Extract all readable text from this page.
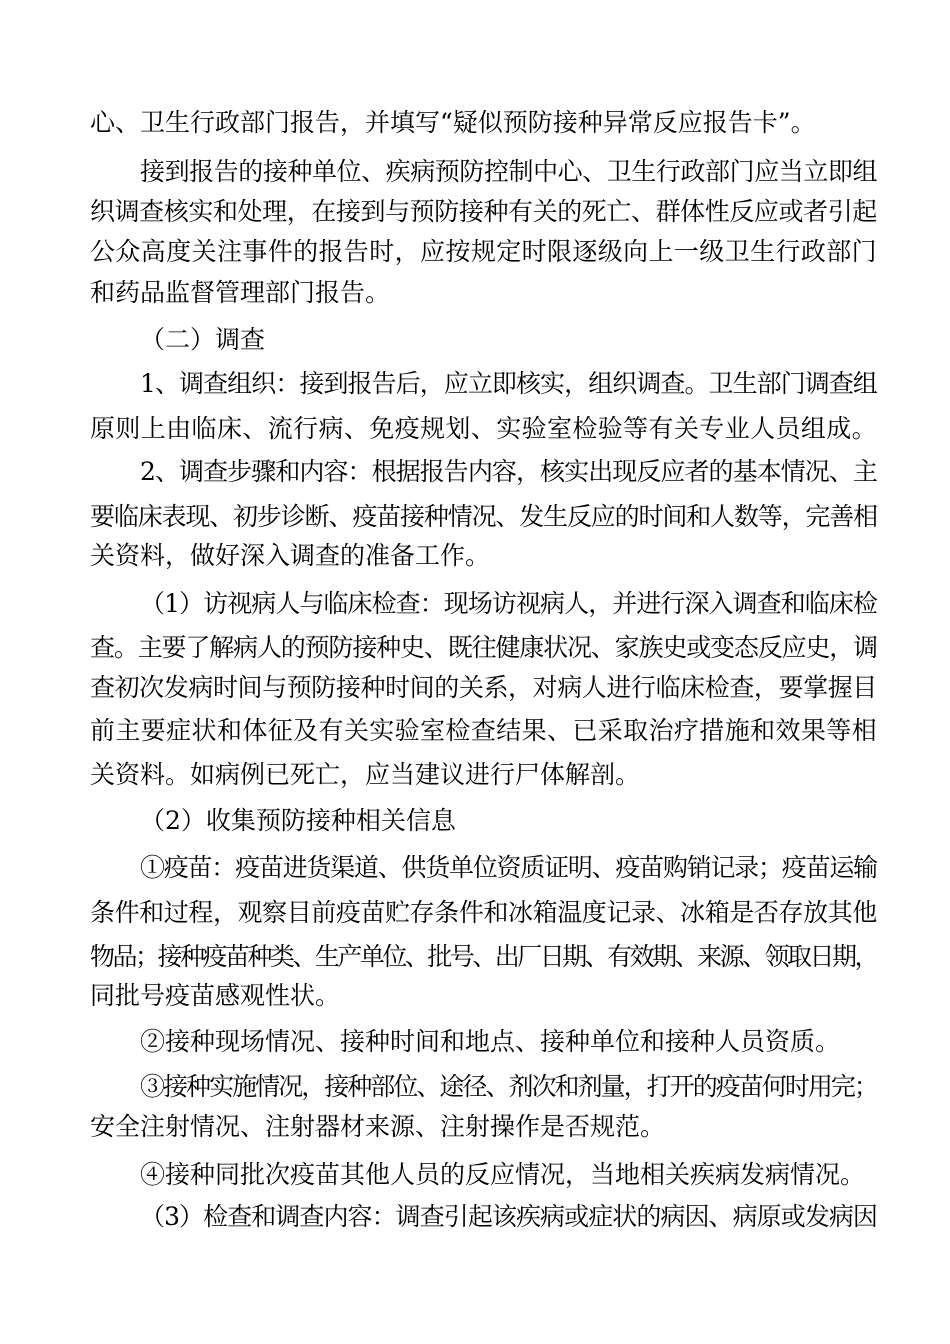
心、卫生行政部门报告，并填写“疑似预防接种异常反应报告卡”。
接到报告的接种单位、疾病预防控制中心、卫生行政部门应当立即组
织调查核实和处理，在接到与预防接种有关的死亡、群体性反应或者引起
公众高度关注事件的报告时，应按规定时限逐级向上一级卫生行政部门
和药品监督管理部门报告。
（二）调查
1、调查组织：接到报告后，应立即核实，组织调查。卫生部门调查组
原则上由临床、流行病、免疫规划、实验室检验等有关专业人员组成。
2、调查步骤和内容：根据报告内容，核实出现反应者的基本情况、主
要临床表现、初步诊断、疫苗接种情况、发生反应的时间和人数等，完善相
关资料，做好深入调查的准备工作。
（1）访视病人与临床检查：现场访视病人，并进行深入调查和临床检
查。主要了解病人的预防接种史、既往健康状况、家族史或变态反应史，调
查初次发病时间与预防接种时间的关系，对病人进行临床检查，要掌握目
前主要症状和体征及有关实验室检查结果、已采取治疗措施和效果等相
关资料。如病例已死亡，应当建议进行尸体解剖。
（2）收集预防接种相关信息
①疫苗：疫苗进货渠道、供货单位资质证明、疫苗购销记录；疫苗运输
条件和过程，观察目前疫苗贮存条件和冰箱温度记录、冰箱是否存放其他
物品；接种疫苗种类、生产单位、批号、出厂日期、有效期、来源、领取日期，
同批号疫苗感观性状。
②接种现场情况、接种时间和地点、接种单位和接种人员资质。
③接种实施情况，接种部位、途径、剂次和剂量，打开的疫苗何时用完；
安全注射情况、注射器材来源、注射操作是否规范。
④接种同批次疫苗其他人员的反应情况，当地相关疾病发病情况。
（3）检查和调查内容：调查引起该疾病或症状的病因、病原或发病因
